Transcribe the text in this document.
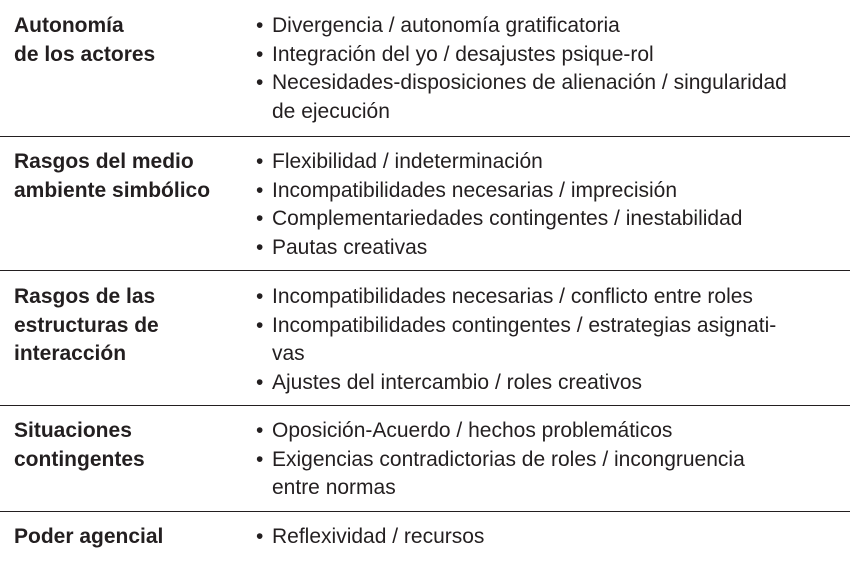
Autonomía
de los actores
• Divergencia / autonomía gratificatoria
• Integración del yo / desajustes psique-rol
• Necesidades-disposiciones de alienación / singularidad
de ejecución
Rasgos del medio
ambiente simbólico
• Flexibilidad / indeterminación
• Incompatibilidades necesarias / imprecisión
• Complementariedades contingentes / inestabilidad
• Pautas creativas
Rasgos de las
estructuras de
interacción
• Incompatibilidades necesarias / conflicto entre roles
• Incompatibilidades contingentes / estrategias asignati-
vas
• Ajustes del intercambio / roles creativos
Situaciones
contingentes
• Oposición-Acuerdo / hechos problemáticos
• Exigencias contradictorias de roles / incongruencia
entre normas
Poder agencial	• Reflexividad / recursos
